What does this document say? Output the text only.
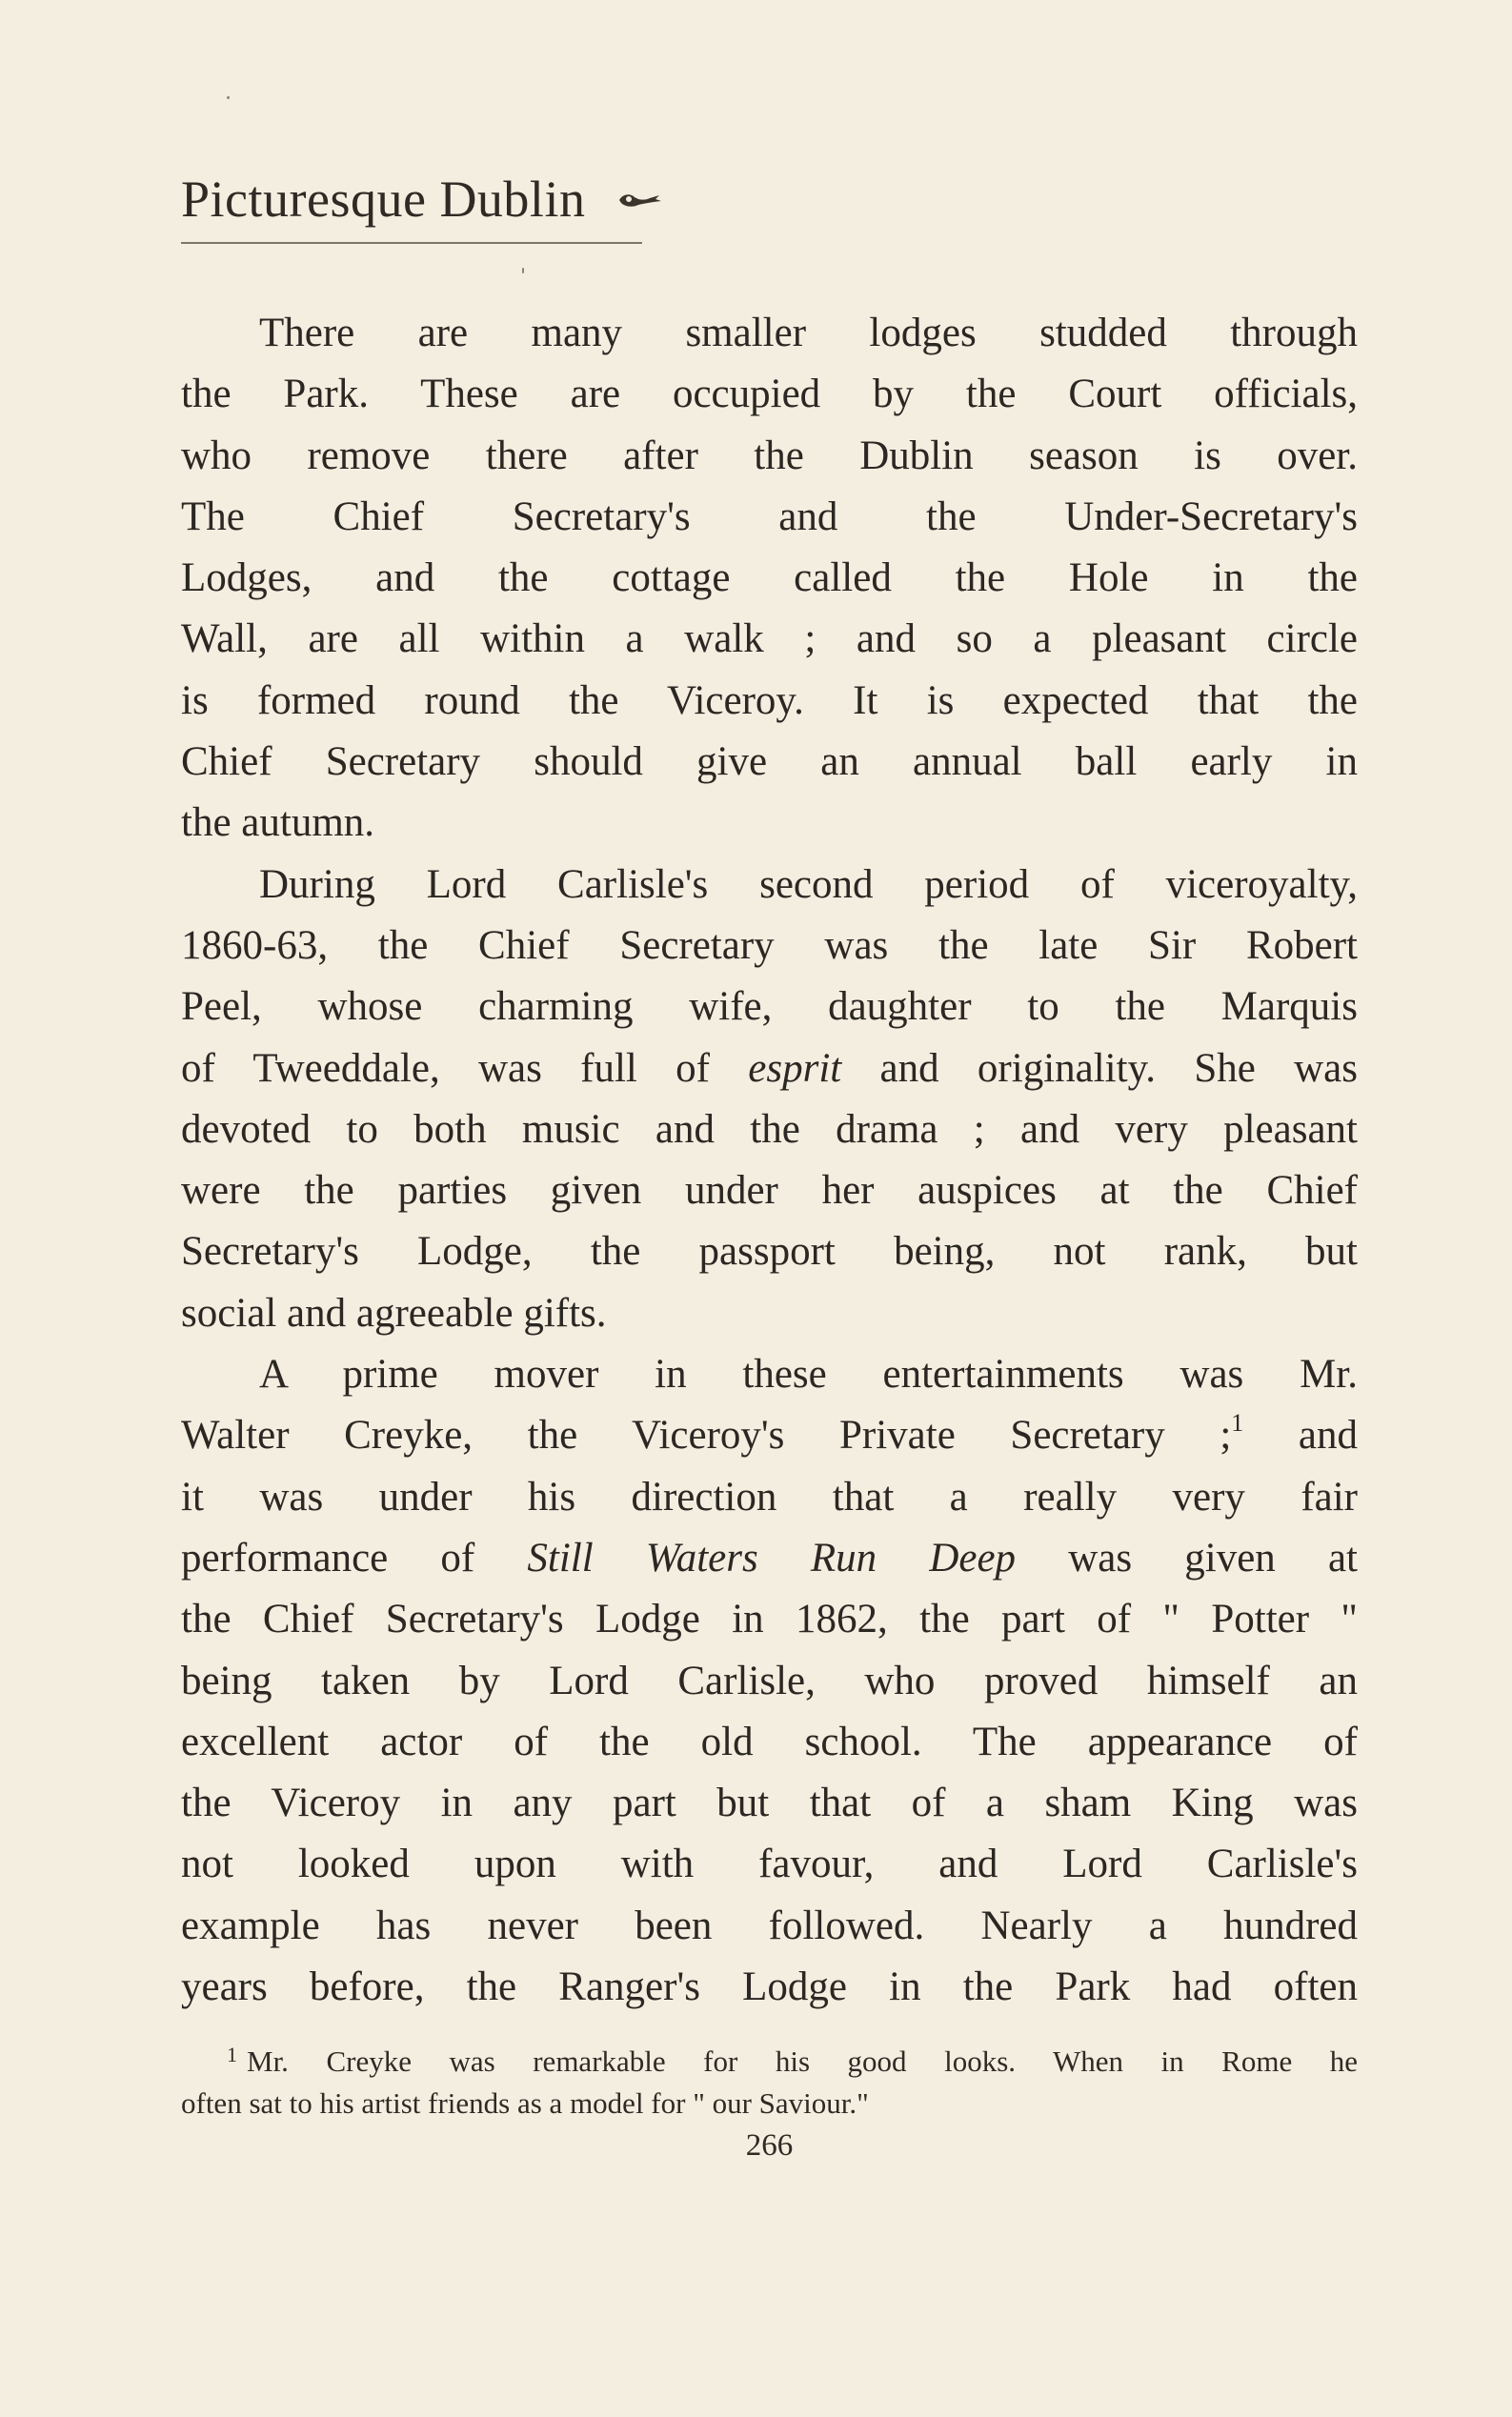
Picturesque Dublin

There are many smaller lodges studded through
the Park. These are occupied by the Court officials,
who remove there after the Dublin season is over.
The Chief Secretary's and the Under-Secretary's
Lodges, and the cottage called the Hole in the
Wall, are all within a walk ; and so a pleasant circle
is formed round the Viceroy. It is expected that the
Chief Secretary should give an annual ball early in
the autumn.

During Lord Carlisle's second period of viceroyalty,
1860-63, the Chief Secretary was the late Sir Robert
Peel, whose charming wife, daughter to the Marquis
of Tweeddale, was full of esprit and originality. She was
devoted to both music and the drama ; and very pleasant
were the parties given under her auspices at the Chief
Secretary's Lodge, the passport being, not rank, but
social and agreeable gifts.

A prime mover in these entertainments was Mr.
Walter Creyke, the Viceroy's Private Secretary ;$^1$ and
it was under his direction that a really very fair
performance of Still Waters Run Deep was given at
the Chief Secretary's Lodge in 1862, the part of " Potter "
being taken by Lord Carlisle, who proved himself an
excellent actor of the old school. The appearance of
the Viceroy in any part but that of a sham King was
not looked upon with favour, and Lord Carlisle's
example has never been followed. Nearly a hundred
years before, the Ranger's Lodge in the Park had often

$^1$ Mr. Creyke was remarkable for his good looks. When in Rome he
often sat to his artist friends as a model for " our Saviour."
266
